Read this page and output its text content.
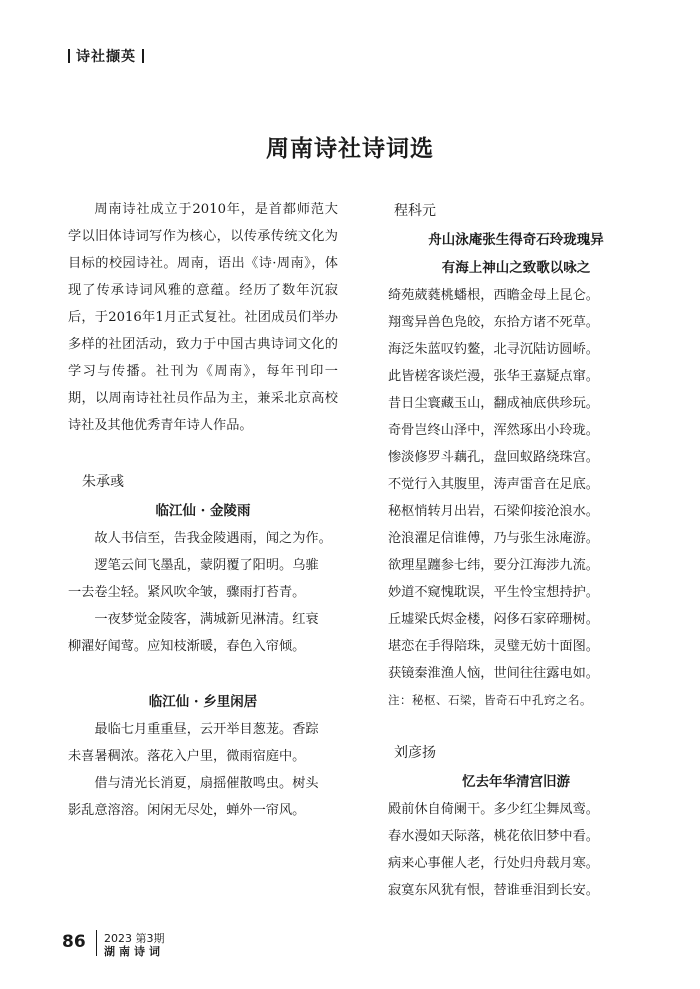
诗社撷英
周南诗社诗词选

周南诗社成立于2010年，是首都师范大学以旧体诗词写作为核心，以传承传统文化为目标的校园诗社。周南，语出《诗·周南》，体现了传承诗词风雅的意蕴。经历了数年沉寂后，于2016年1月正式复社。社团成员们举办多样的社团活动，致力于中国古典诗词文化的学习与传播。社刊为《周南》，每年刊印一期，以周南诗社社员作品为主，兼采北京高校诗社及其他优秀青年诗人作品。

朱承彧
临江仙 · 金陵雨

故人书信至，告我金陵遇雨，闻之为作。

逻笔云间飞墨乱，蒙阴覆了阳明。乌骓

一去卷尘轻。紧风吹伞皱，骤雨打苔青。

一夜梦觉金陵客，满城新见淋清。红衰

柳濯好闻莺。应知枝渐暖，春色入帘倾。

临江仙 · 乡里闲居

最临七月重重昼，云开举目葱茏。香踪

未喜暑稠浓。落花入户里，微雨宿庭中。

借与清光长消夏，扇摇催散鸣虫。树头

影乱意溶溶。闲闲无尽处，蝉外一帘风。

程科元
舟山泳庵张生得奇石玲珑瑰异
有海上神山之致歌以咏之

绮苑葳蕤桃蟠根，西瞻金母上昆仑。

翔鸾异兽色凫皎，东拾方诸不死草。

海泛朱蓝叹钓鳌，北寻沉陆访圆峤。

此皆槎客谈烂漫，张华王嘉疑点窜。

昔日尘寰藏玉山，翻成袖底供珍玩。

奇骨岂终山泽中，浑然琢出小玲珑。

惨淡修罗斗藕孔，盘回蚁路绕珠宫。

不觉行入其腹里，涛声雷音在足底。

秘枢悄转月出岩，石梁仰接沧浪水。

沧浪濯足信谁傅，乃与张生泳庵游。

欲理星躔参七纬，要分江海涉九流。

妙道不窥愧耽误，平生怜宝想持护。

丘墟梁氏烬金楼，闷侈石家碎珊树。

堪恋在手得陪珠，灵璧无妨十面图。

获镜秦淮渔人恼，世间往往露电如。

注：秘枢、石梁，皆奇石中孔窍之名。

刘彦扬
忆去年华清宫旧游

殿前休自倚阑干。多少红尘舞凤鸾。

春水漫如天际落，桃花依旧梦中看。

病来心事催人老，行处归舟载月寒。

寂寞东风犹有恨，替谁垂泪到长安。

86 2023 第3期
湖南诗词
